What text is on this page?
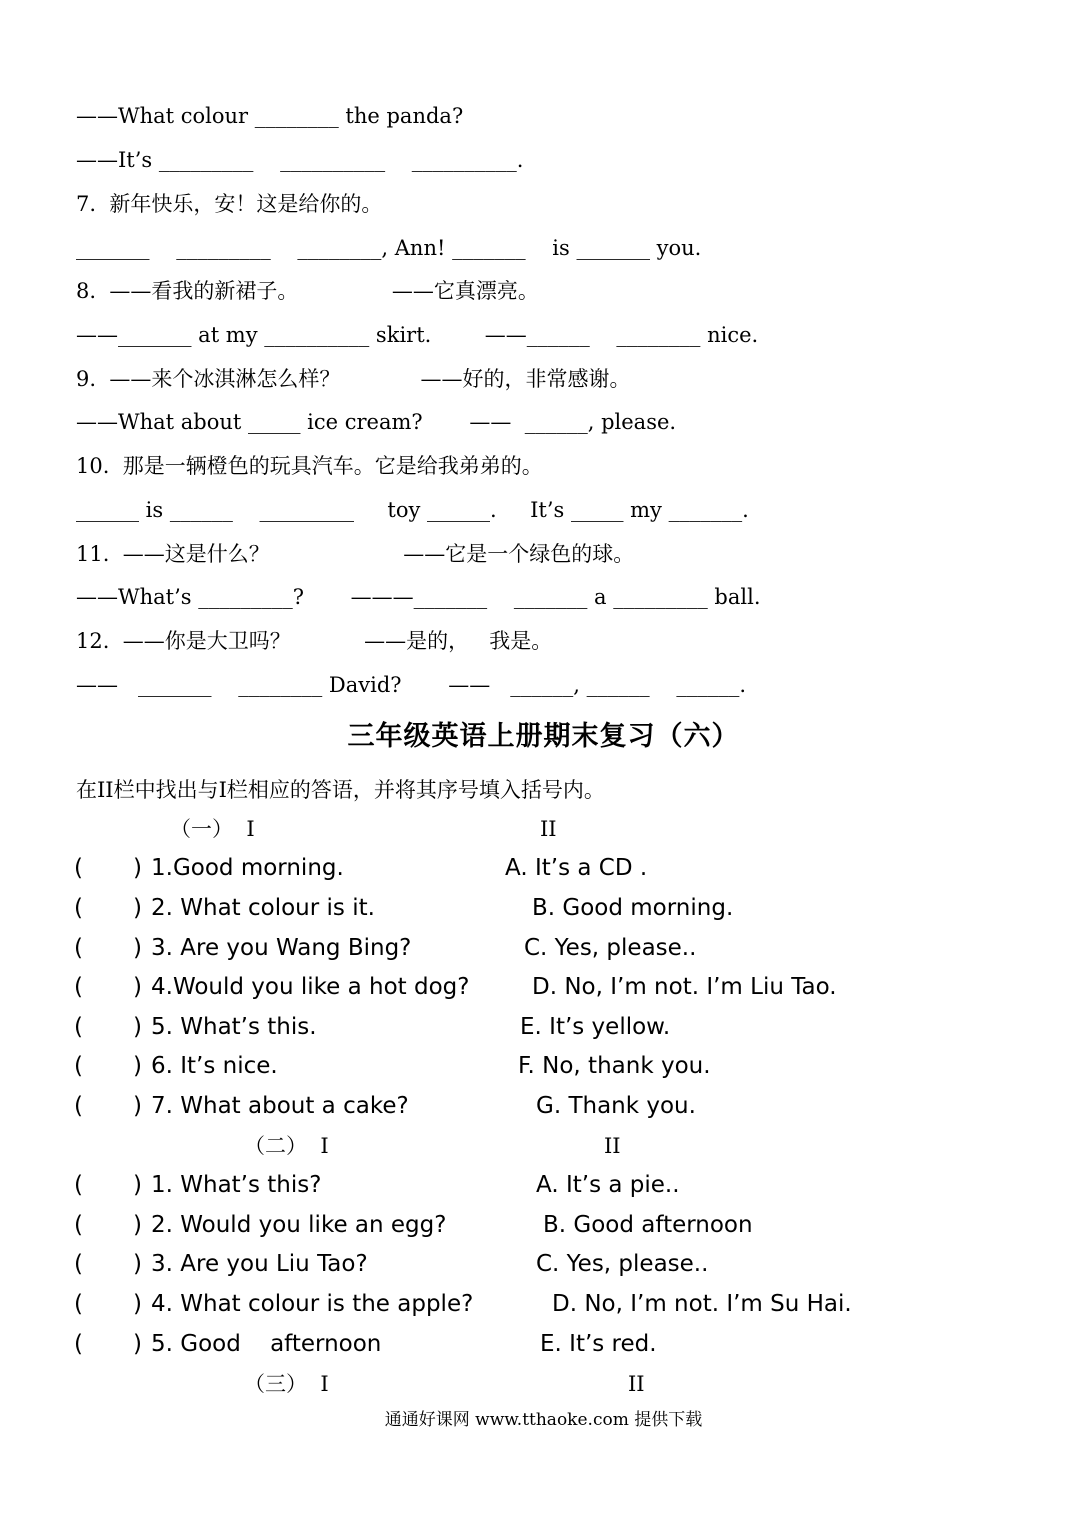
——What colour ________ the panda?
——It’s _________    __________    __________.
7.  新年快乐，安！这是给你的。
_______    _________    ________, Ann! _______    is _______ you.
8.  ——看我的新裙子。              ——它真漂亮。
——_______ at my __________ skirt.        ——______    ________ nice.
9.  ——来个冰淇淋怎么样？            ——好的，非常感谢。
——What about _____ ice cream?       ——  ______, please.
10.  那是一辆橙色的玩具汽车。它是给我弟弟的。
______ is ______    _________     toy ______.     It’s _____ my _______.
11.  ——这是什么？                    ——它是一个绿色的球。
——What’s _________?       ———_______    _______ a _________ ball.
12.  ——你是大卫吗？           ——是的，   我是。
——   _______    ________ David?       ——   ______, ______    ______.
三年级英语上册期末复习（六）
在II栏中找出与Ⅰ栏相应的答语，并将其序号填入括号内。
（一）  Ⅰ	II
( ) 1.Good morning.	A. It’s a CD .
( ) 2. What colour is it.	B. Good morning.
( ) 3. Are you Wang Bing?	C. Yes, please..
( ) 4.Would you like a hot dog?	D. No, I’m not. I’m Liu Tao.
( ) 5. What’s this.	E. It’s yellow.
( ) 6. It’s nice.	F. No, thank you.
( ) 7. What about a cake?	G. Thank you.
（二）  Ⅰ	II
( ) 1. What’s this?	A. It’s a pie..
( ) 2. Would you like an egg?	B. Good afternoon
( ) 3. Are you Liu Tao?	C. Yes, please..
( ) 4. What colour is the apple?	D. No, I’m not. I’m Su Hai.
( ) 5. Good    afternoon	E. It’s red.
（三）  Ⅰ	II
通通好课网 www.tthaoke.com 提供下载
